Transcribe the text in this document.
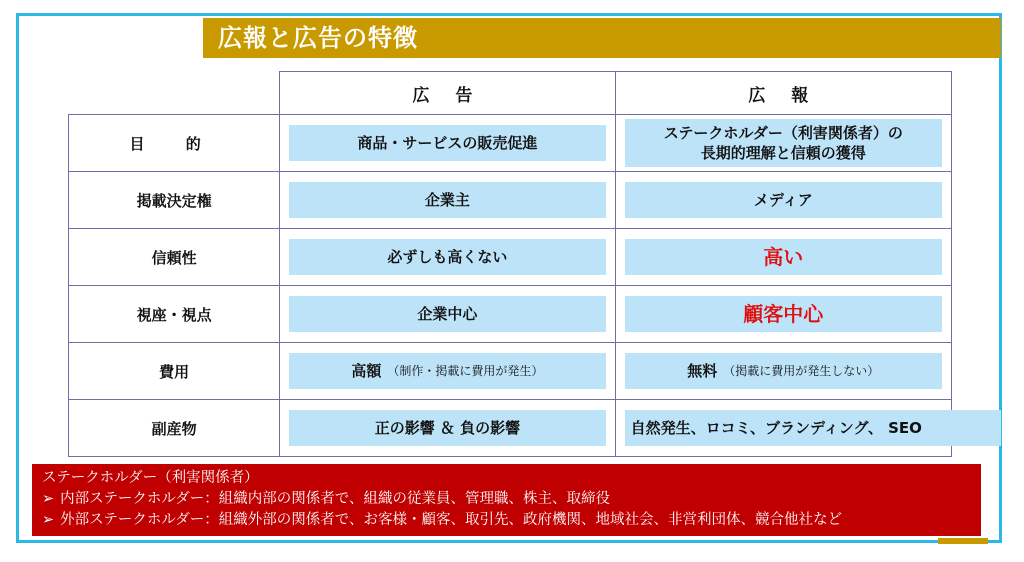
広報と広告の特徴
	広 告	広 報
目 的	商品・サービスの販売促進	ステークホルダー（利害関係者）の長期的理解と信頼の獲得

掲載決定権	企業主	メディア

信頼性	必ずしも高くない	高い

視座・視点	企業中心	顧客中心

費用	高額 （制作・掲載に費用が発生）	無料 （掲載に費用が発生しない）

副産物	正の影響 ＆ 負の影響	自然発生、ロコミ、ブランディング、 SEO
ステークホルダー（利害関係者）
➢ 内部ステークホルダー：組織内部の関係者で、組織の従業員、管理職、株主、取締役
➢ 外部ステークホルダー：組織外部の関係者で、お客様・顧客、取引先、政府機関、地域社会、非営利団体、競合他社など
